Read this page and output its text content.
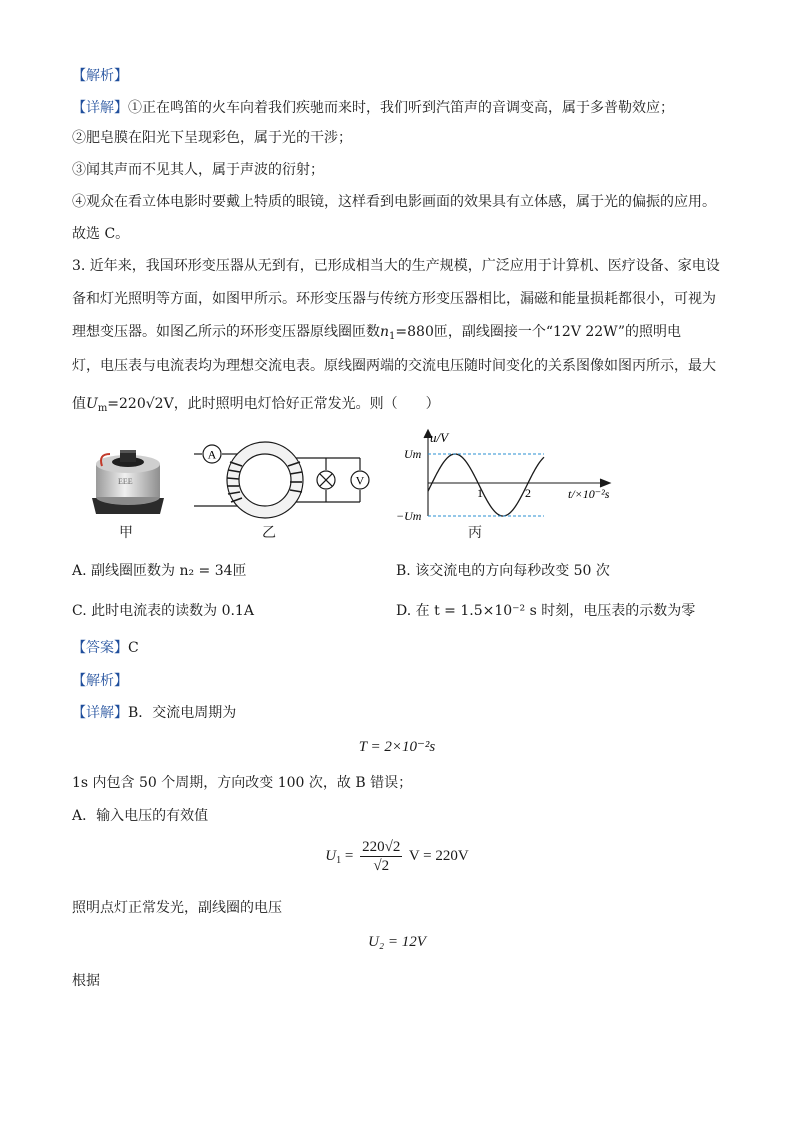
【解析】
【详解】①正在鸣笛的火车向着我们疾驰而来时，我们听到汽笛声的音调变高，属于多普勒效应；
②肥皂膜在阳光下呈现彩色，属于光的干涉；
③闻其声而不见其人，属于声波的衍射；
④观众在看立体电影时要戴上特质的眼镜，这样看到电影画面的效果具有立体感，属于光的偏振的应用。
故选 C。
3. 近年来，我国环形变压器从无到有，已形成相当大的生产规模，广泛应用于计算机、医疗设备、家电设
备和灯光照明等方面，如图甲所示。环形变压器与传统方形变压器相比，漏磁和能量损耗都很小，可视为
理想变压器。如图乙所示的环形变压器原线圈匝数$n_1=880$匝，副线圈接一个“12V 22W”的照明电
灯，电压表与电流表均为理想交流电表。原线圈两端的交流电压随时间变化的关系图像如图丙所示，最大
值$U_m=220√2V$，此时照明电灯恰好正常发光。则（　　）
EEE
甲
A
V
乙
u/V
Um
−Um
1	2	t/×10⁻²s
丙
A. 副线圈匝数为 n₂ = 34匝	B. 该交流电的方向每秒改变 50 次
C. 此时电流表的读数为 0.1A	D. 在 t = 1.5×10⁻² s 时刻，电压表的示数为零
【答案】C
【解析】
【详解】B．交流电周期为
T = 2×10⁻²s
1s 内包含 50 个周期，方向改变 100 次，故 B 错误；
A．输入电压的有效值
$U_1 = \frac{220√2}{√2}$ V = 220V
照明点灯正常发光，副线圈的电压
U₂ = 12V
根据
